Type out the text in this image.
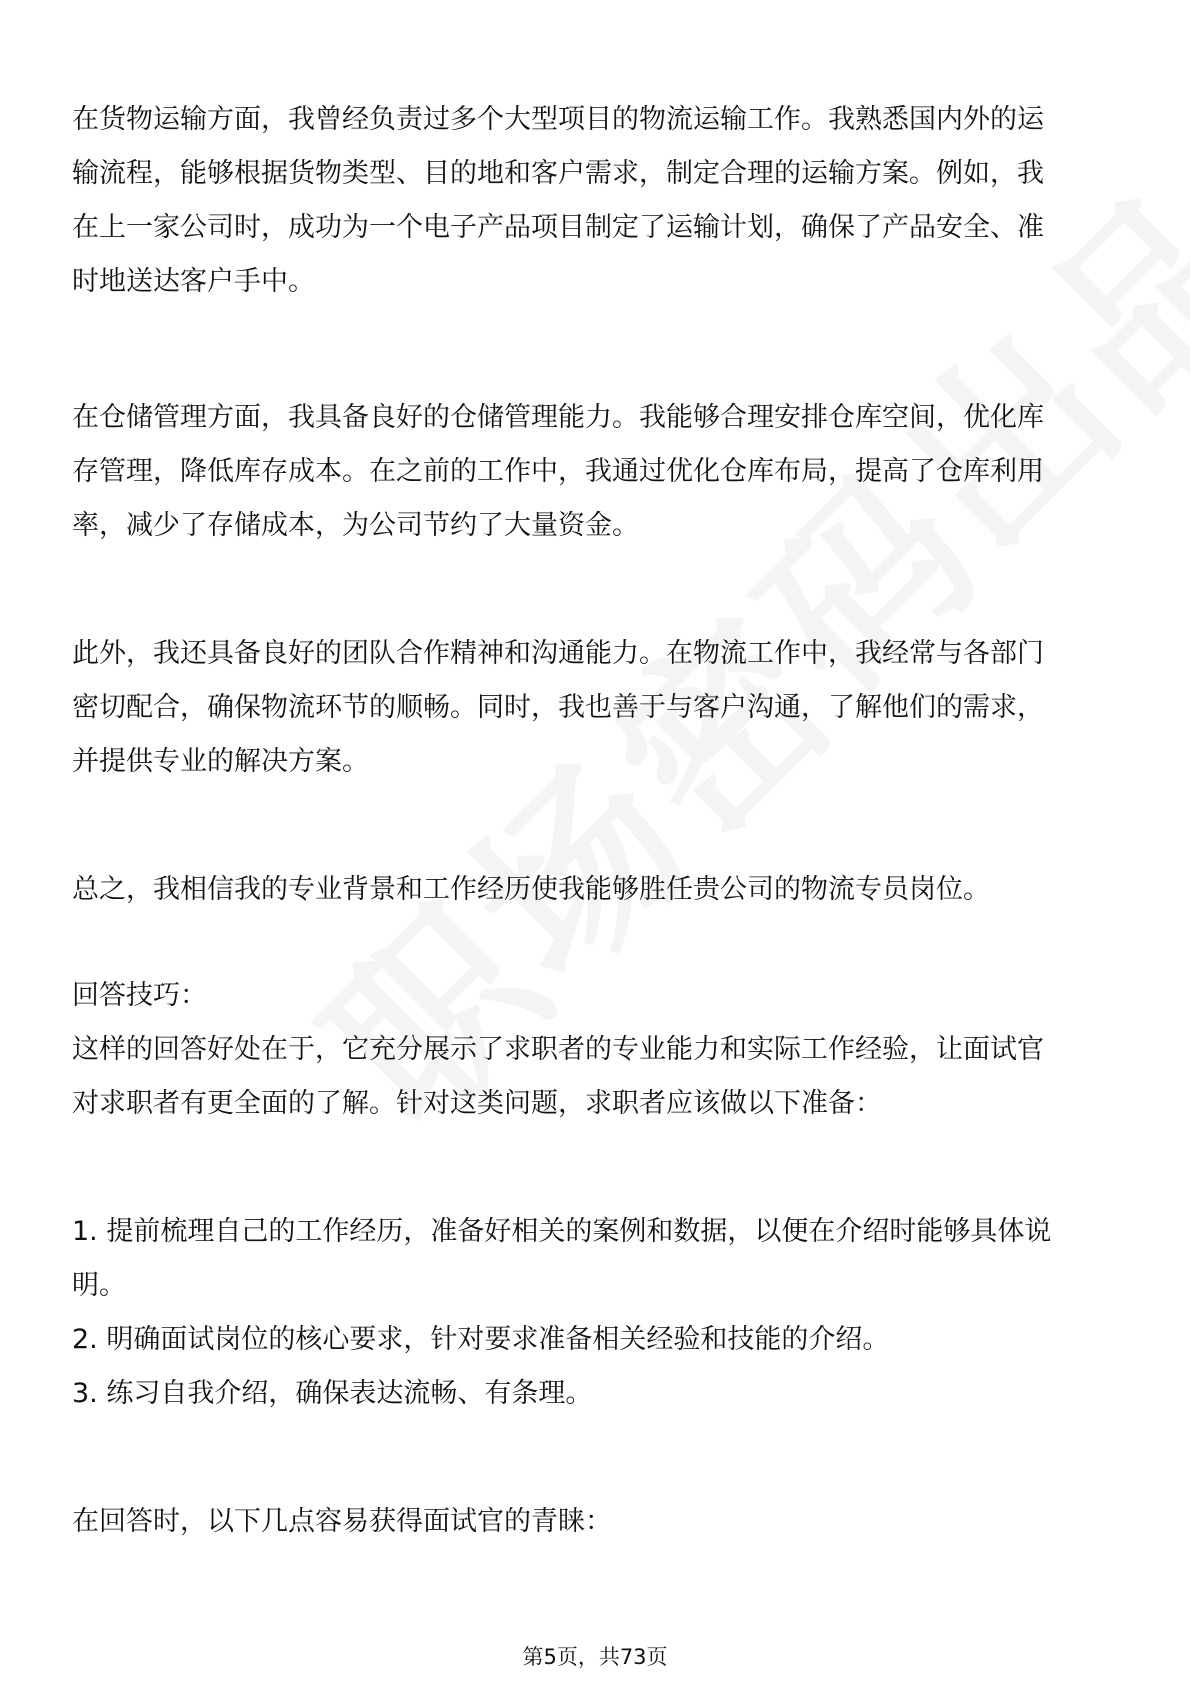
在货物运输方面，我曾经负责过多个大型项目的物流运输工作。我熟悉国内外的运

输流程，能够根据货物类型、目的地和客户需求，制定合理的运输方案。例如，我

在上一家公司时，成功为一个电子产品项目制定了运输计划，确保了产品安全、准

时地送达客户手中。

在仓储管理方面，我具备良好的仓储管理能力。我能够合理安排仓库空间，优化库

存管理，降低库存成本。在之前的工作中，我通过优化仓库布局，提高了仓库利用

率，减少了存储成本，为公司节约了大量资金。

此外，我还具备良好的团队合作精神和沟通能力。在物流工作中，我经常与各部门

密切配合，确保物流环节的顺畅。同时，我也善于与客户沟通，了解他们的需求，

并提供专业的解决方案。

总之，我相信我的专业背景和工作经历使我能够胜任贵公司的物流专员岗位。

回答技巧：

这样的回答好处在于，它充分展示了求职者的专业能力和实际工作经验，让面试官

对求职者有更全面的了解。针对这类问题，求职者应该做以下准备：

1. 提前梳理自己的工作经历，准备好相关的案例和数据，以便在介绍时能够具体说

明。

2. 明确面试岗位的核心要求，针对要求准备相关经验和技能的介绍。

3. 练习自我介绍，确保表达流畅、有条理。

在回答时，以下几点容易获得面试官的青睐：

第5页，共73页
